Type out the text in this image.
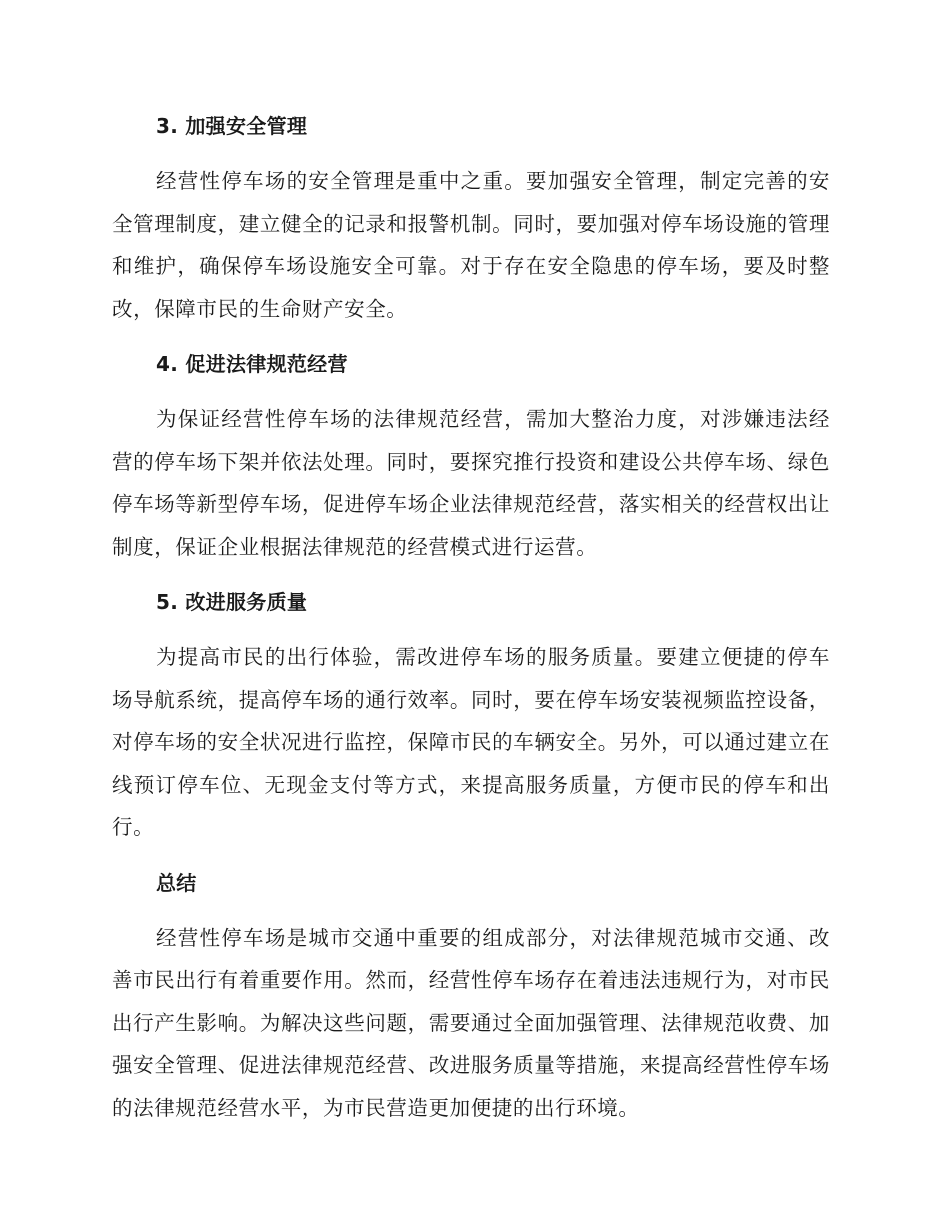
3. 加强安全管理

经营性停车场的安全管理是重中之重。要加强安全管理，制定完善的安全管理制度，建立健全的记录和报警机制。同时，要加强对停车场设施的管理和维护，确保停车场设施安全可靠。对于存在安全隐患的停车场，要及时整改，保障市民的生命财产安全。

4. 促进法律规范经营

为保证经营性停车场的法律规范经营，需加大整治力度，对涉嫌违法经营的停车场下架并依法处理。同时，要探究推行投资和建设公共停车场、绿色停车场等新型停车场，促进停车场企业法律规范经营，落实相关的经营权出让制度，保证企业根据法律规范的经营模式进行运营。

5. 改进服务质量

为提高市民的出行体验，需改进停车场的服务质量。要建立便捷的停车场导航系统，提高停车场的通行效率。同时，要在停车场安装视频监控设备，对停车场的安全状况进行监控，保障市民的车辆安全。另外，可以通过建立在线预订停车位、无现金支付等方式，来提高服务质量，方便市民的停车和出行。

总结

经营性停车场是城市交通中重要的组成部分，对法律规范城市交通、改善市民出行有着重要作用。然而，经营性停车场存在着违法违规行为，对市民出行产生影响。为解决这些问题，需要通过全面加强管理、法律规范收费、加强安全管理、促进法律规范经营、改进服务质量等措施，来提高经营性停车场的法律规范经营水平，为市民营造更加便捷的出行环境。
